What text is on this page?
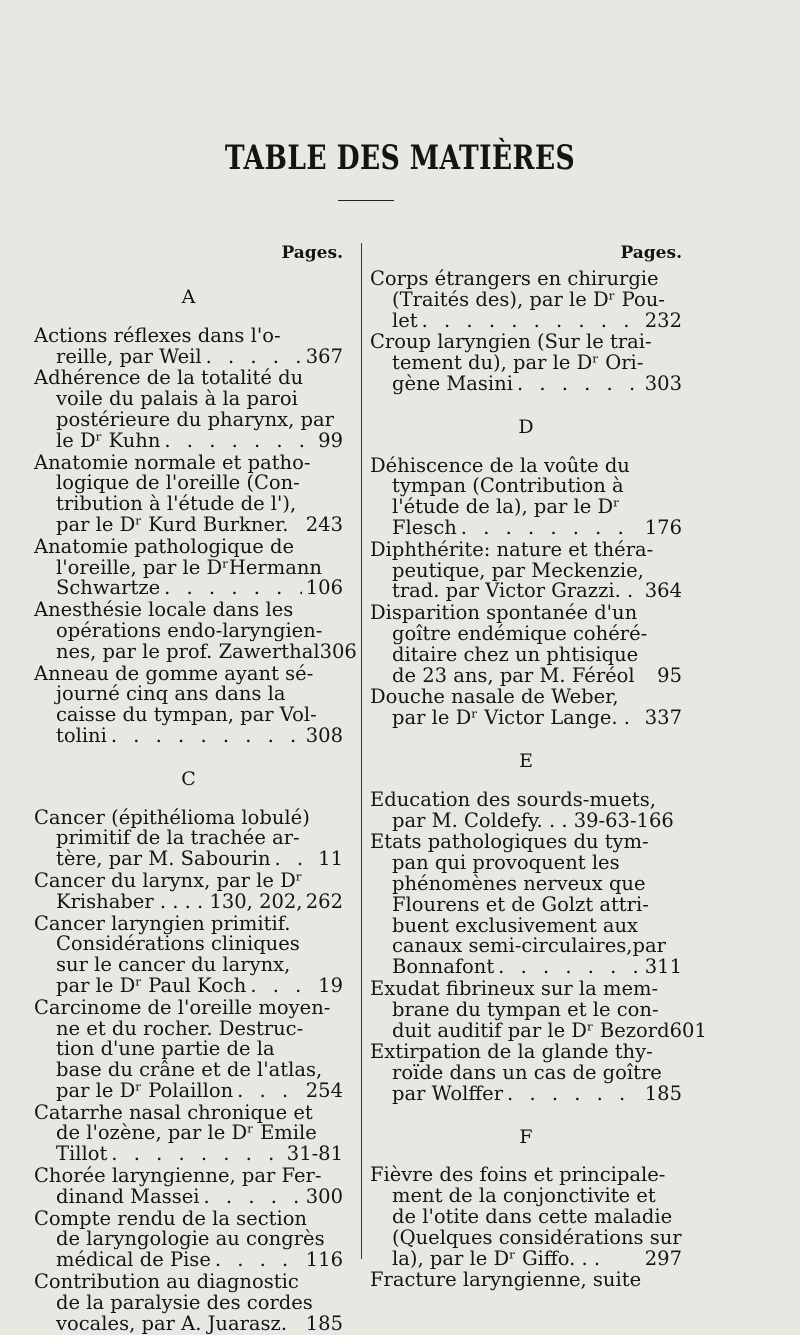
TABLE DES MATIÈRES
Pages.
A
Actions réflexes dans l'o-
reille, par Weil . . .	367
Adhérence de la totalité du
voile du palais à la paroi
postérieure du pharynx, par
le Dʳ Kuhn . . .	99
Anatomie normale et patho-
logique de l'oreille (Con-
tribution à l'étude de l'),
par le Dʳ Kurd Burkner. 243
Anatomie pathologique de
l'oreille, par le DʳHermann
Schwartze . . .	106
Anesthésie locale dans les
opérations endo-laryngien-
nes, par le prof. Zawerthal 306
Anneau de gomme ayant sé-
journé cinq ans dans la
caisse du tympan, par Vol-
tolini . . .	308
C
Cancer (épithélioma lobulé)
primitif de la trachée ar-
tère, par M. Sabourin . . . 11
Cancer du larynx, par le Dʳ
Krishaber . . . . 130, 202, 262
Cancer laryngien primitif.
Considérations cliniques
sur le cancer du larynx,
par le Dʳ Paul Koch . . .	19
Carcinome de l'oreille moyen-
ne et du rocher. Destruc-
tion d'une partie de la
base du crâne et de l'atlas,
par le Dʳ Polaillon . . .	254
Catarrhe nasal chronique et
de l'ozène, par le Dʳ Emile
Tillot . . .	31-81
Chorée laryngienne, par Fer-
dinand Massei . . .	300
Compte rendu de la section
de laryngologie au congrès
médical de Pise . . .	116
Contribution au diagnostic
de la paralysie des cordes
vocales, par A. Juarasz. 185
Pages.
Corps étrangers en chirurgie
(Traités des), par le Dʳ Pou-
let . . .	232
Croup laryngien (Sur le trai-
tement du), par le Dʳ Ori-
gène Masini . . .	303
D
Déhiscence de la voûte du
tympan (Contribution à
l'étude de la), par le Dʳ
Flesch . . .	176
Diphthérite: nature et théra-
peutique, par Meckenzie,
trad. par Victor Grazzi. . 364
Disparition spontanée d'un
goître endémique cohéré-
ditaire chez un phtisique
de 23 ans, par M. Féréol 95
Douche nasale de Weber,
par le Dʳ Victor Lange. . 337
E
Education des sourds-muets,
par M. Coldefy. . . 39-63-166
Etats pathologiques du tym-
pan qui provoquent les
phénomènes nerveux que
Flourens et de Golzt attri-
buent exclusivement aux
canaux semi-circulaires,par
Bonnafont . . .	311
Exudat fibrineux sur la mem-
brane du tympan et le con-
duit auditif par le Dʳ Bezord 601
Extirpation de la glande thy-
roïde dans un cas de goître
par Wolffer . . .	185
F
Fièvre des foins et principale-
ment de la conjonctivite et
de l'otite dans cette maladie
(Quelques considérations sur
la), par le Dʳ Giffo. . . 297
Fracture laryngienne, suite
